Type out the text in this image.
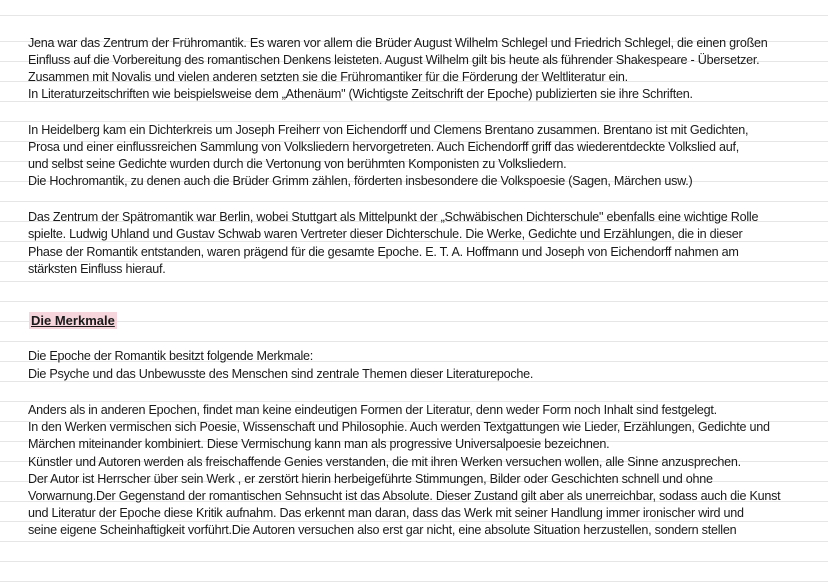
Jena war das Zentrum der Frühromantik. Es waren vor allem die Brüder August Wilhelm Schlegel und Friedrich Schlegel, die einen großen
Einfluss auf die Vorbereitung des romantischen Denkens leisteten. August Wilhelm gilt bis heute als führender Shakespeare - Übersetzer.
Zusammen mit Novalis und vielen anderen setzten sie die Frühromantiker für die Förderung der Weltliteratur ein.
In Literaturzeitschriften wie beispielsweise dem „Athenäum" (Wichtigste Zeitschrift der Epoche) publizierten sie ihre Schriften.
In Heidelberg kam ein Dichterkreis um Joseph Freiherr von Eichendorff und Clemens Brentano zusammen. Brentano ist mit Gedichten,
Prosa und einer einflussreichen Sammlung von Volksliedern hervorgetreten. Auch Eichendorff griff das wiederentdeckte Volkslied auf,
und selbst seine Gedichte wurden durch die Vertonung von berühmten Komponisten zu Volksliedern.
Die Hochromantik, zu denen auch die Brüder Grimm zählen, förderten insbesondere die Volkspoesie (Sagen, Märchen usw.)
Das Zentrum der Spätromantik war Berlin, wobei Stuttgart als Mittelpunkt der „Schwäbischen Dichterschule" ebenfalls eine wichtige Rolle
spielte. Ludwig Uhland und Gustav Schwab waren Vertreter dieser Dichterschule. Die Werke, Gedichte und Erzählungen, die in dieser
Phase der Romantik entstanden, waren prägend für die gesamte Epoche. E. T. A. Hoffmann und Joseph von Eichendorff nahmen am
stärksten Einfluss hierauf.
Die Merkmale
Die Epoche der Romantik besitzt folgende Merkmale:
Die Psyche und das Unbewusste des Menschen sind zentrale Themen dieser Literaturepoche.
Anders als in anderen Epochen, findet man keine eindeutigen Formen der Literatur, denn weder Form noch Inhalt sind festgelegt.
In den Werken vermischen sich Poesie, Wissenschaft und Philosophie. Auch werden Textgattungen wie Lieder, Erzählungen, Gedichte und
Märchen miteinander kombiniert. Diese Vermischung kann man als progressive Universalpoesie bezeichnen.
Künstler und Autoren werden als freischaffende Genies verstanden, die mit ihren Werken versuchen wollen, alle Sinne anzusprechen.
Der Autor ist Herrscher über sein Werk , er zerstört hierin herbeigeführte Stimmungen, Bilder oder Geschichten schnell und ohne
Vorwarnung.Der Gegenstand der romantischen Sehnsucht ist das Absolute. Dieser Zustand gilt aber als unerreichbar, sodass auch die Kunst
und Literatur der Epoche diese Kritik aufnahm. Das erkennt man daran, dass das Werk mit seiner Handlung immer ironischer wird und
seine eigene Scheinhaftigkeit vorführt.Die Autoren versuchen also erst gar nicht, eine absolute Situation herzustellen, sondern stellen
